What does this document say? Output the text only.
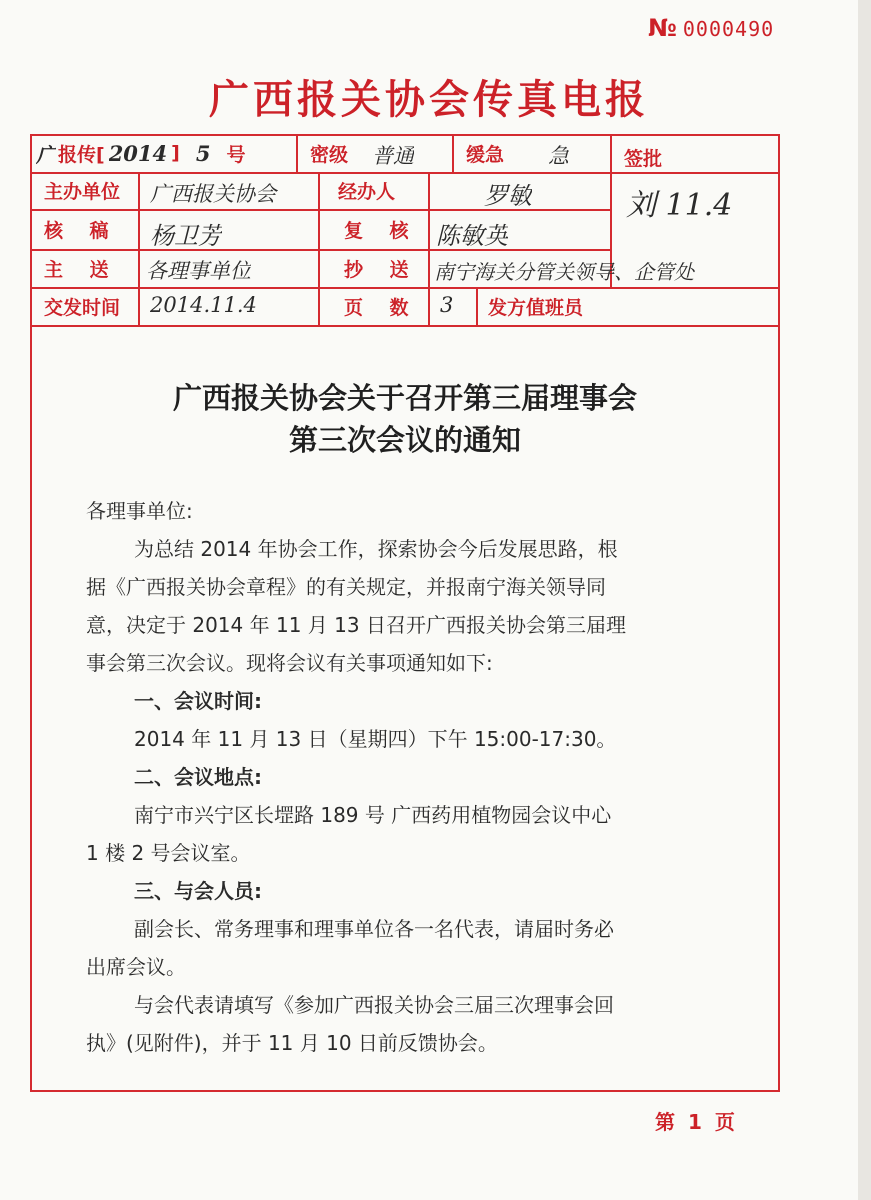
№ 0000490
广西报关协会传真电报
广 报传[ 2014 ] 5 号	密级 普通	缓急 急	签批
刘 11.4
主办单位 广西报关协会	经办人	罗敏
核    稿 杨卫芳	复    核 陈敏英
主    送 各理事单位	抄    送 南宁海关分管关领导、企管处
交发时间 2014.11.4	页    数 3 发方值班员
广西报关协会关于召开第三届理事会
第三次会议的通知
各理事单位:
为总结 2014 年协会工作，探索协会今后发展思路，根
据《广西报关协会章程》的有关规定，并报南宁海关领导同
意，决定于 2014 年 11 月 13 日召开广西报关协会第三届理
事会第三次会议。现将会议有关事项通知如下:
一、会议时间:
2014 年 11 月 13 日（星期四）下午 15:00-17:30。
二、会议地点:
南宁市兴宁区长堽路 189 号 广西药用植物园会议中心
1 楼 2 号会议室。
三、与会人员:
副会长、常务理事和理事单位各一名代表，请届时务必
出席会议。
与会代表请填写《参加广西报关协会三届三次理事会回
执》(见附件)，并于 11 月 10 日前反馈协会。
第 1 页
